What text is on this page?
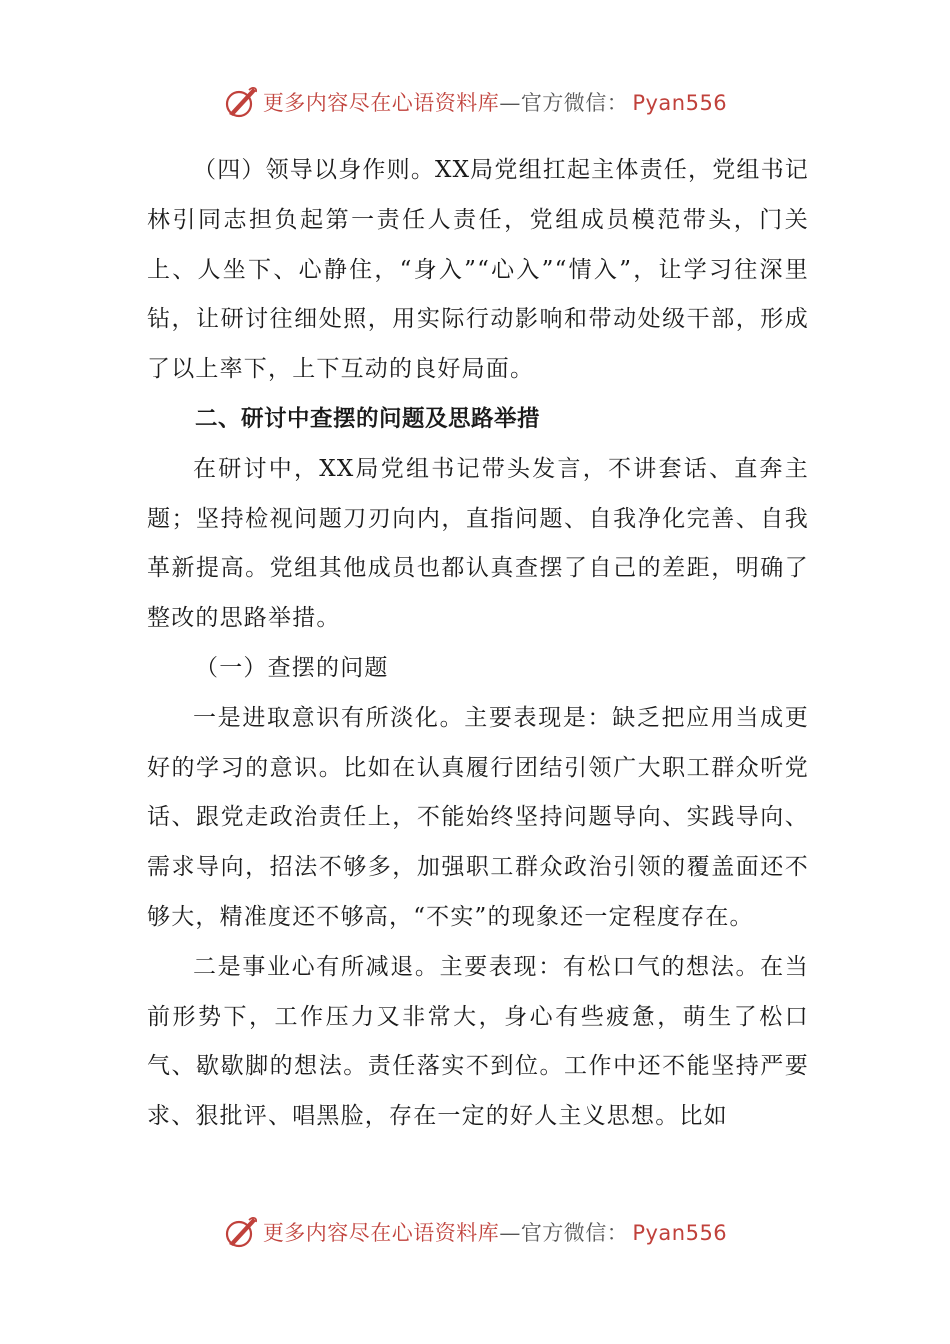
更多内容尽在心语资料库—官方微信： Pyan556

（四）领导以身作则。XX局党组扛起主体责任，党组书记林引同志担负起第一责任人责任，党组成员模范带头，门关上、人坐下、心静住，“身入”“心入”“情入”，让学习往深里钻，让研讨往细处照，用实际行动影响和带动处级干部，形成了以上率下，上下互动的良好局面。

二、研讨中查摆的问题及思路举措

在研讨中，XX局党组书记带头发言，不讲套话、直奔主题；坚持检视问题刀刃向内，直指问题、自我净化完善、自我革新提高。党组其他成员也都认真查摆了自己的差距，明确了整改的思路举措。

（一）查摆的问题

一是进取意识有所淡化。主要表现是：缺乏把应用当成更好的学习的意识。比如在认真履行团结引领广大职工群众听党话、跟党走政治责任上，不能始终坚持问题导向、实践导向、需求导向，招法不够多，加强职工群众政治引领的覆盖面还不够大，精准度还不够高，“不实”的现象还一定程度存在。

二是事业心有所减退。主要表现：有松口气的想法。在当前形势下，工作压力又非常大，身心有些疲惫，萌生了松口气、歇歇脚的想法。责任落实不到位。工作中还不能坚持严要求、狠批评、唱黑脸，存在一定的好人主义思想。比如

更多内容尽在心语资料库—官方微信： Pyan556
